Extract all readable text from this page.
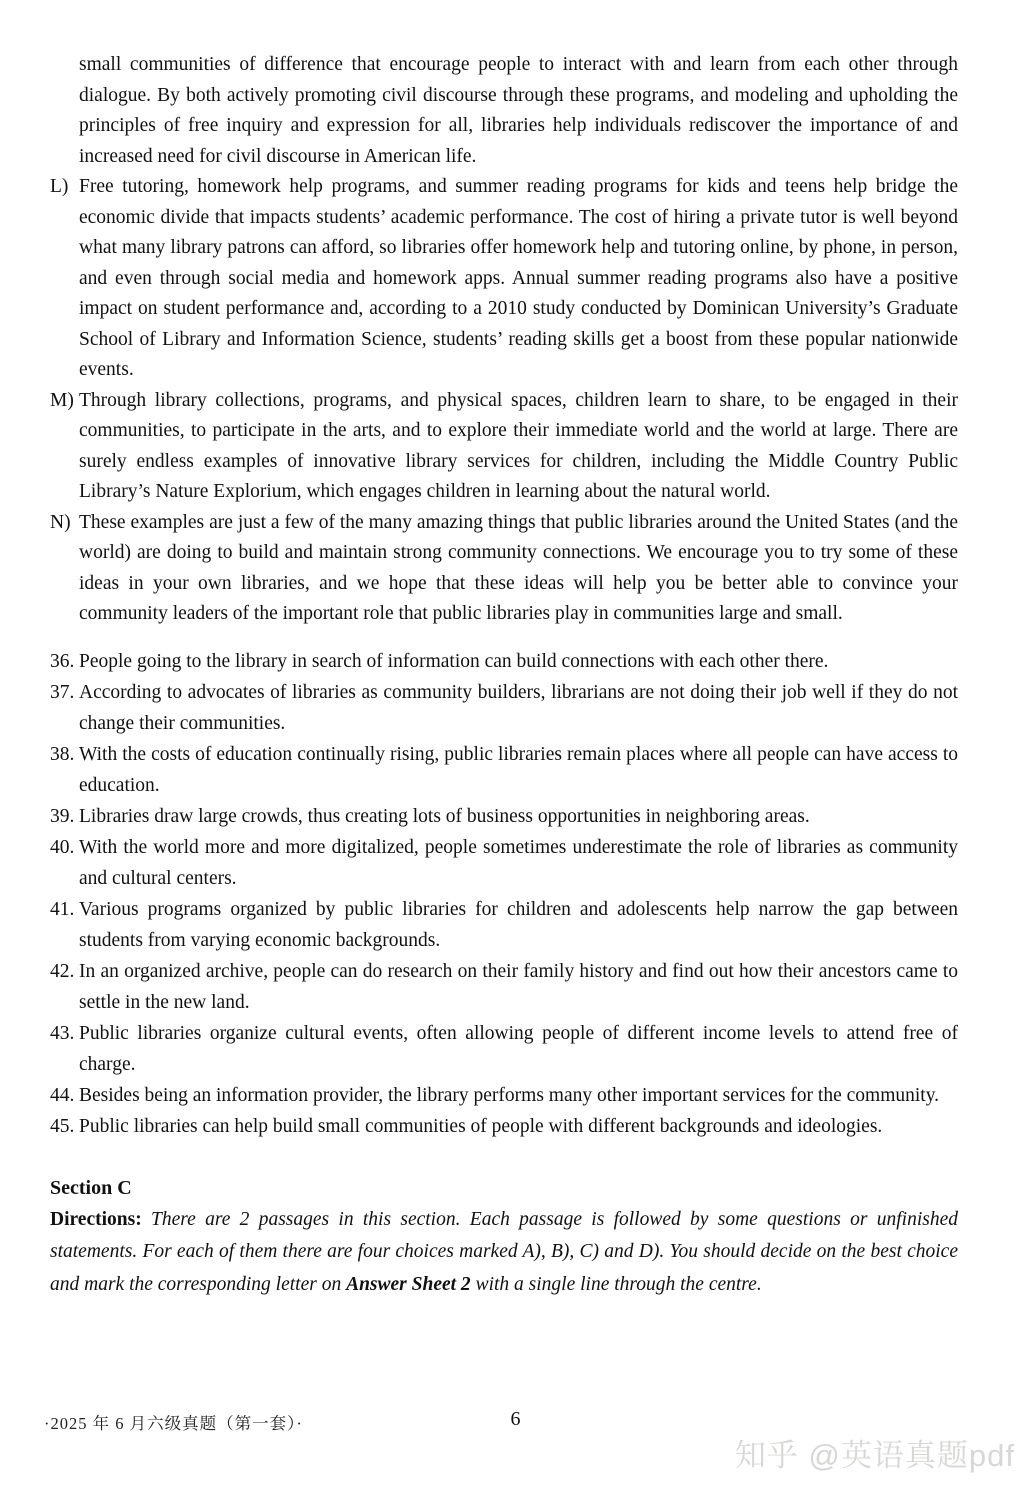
small communities of difference that encourage people to interact with and learn from each other through dialogue. By both actively promoting civil discourse through these programs, and modeling and upholding the principles of free inquiry and expression for all, libraries help individuals rediscover the importance of and increased need for civil discourse in American life.

L) Free tutoring, homework help programs, and summer reading programs for kids and teens help bridge the economic divide that impacts students’ academic performance. The cost of hiring a private tutor is well beyond what many library patrons can afford, so libraries offer homework help and tutoring online, by phone, in person, and even through social media and homework apps. Annual summer reading programs also have a positive impact on student performance and, according to a 2010 study conducted by Dominican University’s Graduate School of Library and Information Science, students’ reading skills get a boost from these popular nationwide events.

M) Through library collections, programs, and physical spaces, children learn to share, to be engaged in their communities, to participate in the arts, and to explore their immediate world and the world at large. There are surely endless examples of innovative library services for children, including the Middle Country Public Library’s Nature Explorium, which engages children in learning about the natural world.

N) These examples are just a few of the many amazing things that public libraries around the United States (and the world) are doing to build and maintain strong community connections. We encourage you to try some of these ideas in your own libraries, and we hope that these ideas will help you be better able to convince your community leaders of the important role that public libraries play in communities large and small.

36. People going to the library in search of information can build connections with each other there.

37. According to advocates of libraries as community builders, librarians are not doing their job well if they do not change their communities.

38. With the costs of education continually rising, public libraries remain places where all people can have access to education.

39. Libraries draw large crowds, thus creating lots of business opportunities in neighboring areas.

40. With the world more and more digitalized, people sometimes underestimate the role of libraries as community and cultural centers.

41. Various programs organized by public libraries for children and adolescents help narrow the gap between students from varying economic backgrounds.

42. In an organized archive, people can do research on their family history and find out how their ancestors came to settle in the new land.

43. Public libraries organize cultural events, often allowing people of different income levels to attend free of charge.

44. Besides being an information provider, the library performs many other important services for the community.

45. Public libraries can help build small communities of people with different backgrounds and ideologies.

Section C

Directions: There are 2 passages in this section. Each passage is followed by some questions or unfinished statements. For each of them there are four choices marked A), B), C) and D). You should decide on the best choice and mark the corresponding letter on Answer Sheet 2 with a single line through the centre.

·2025 年 6 月六级真题（第一套）·	6
知乎 @英语真题pdf
